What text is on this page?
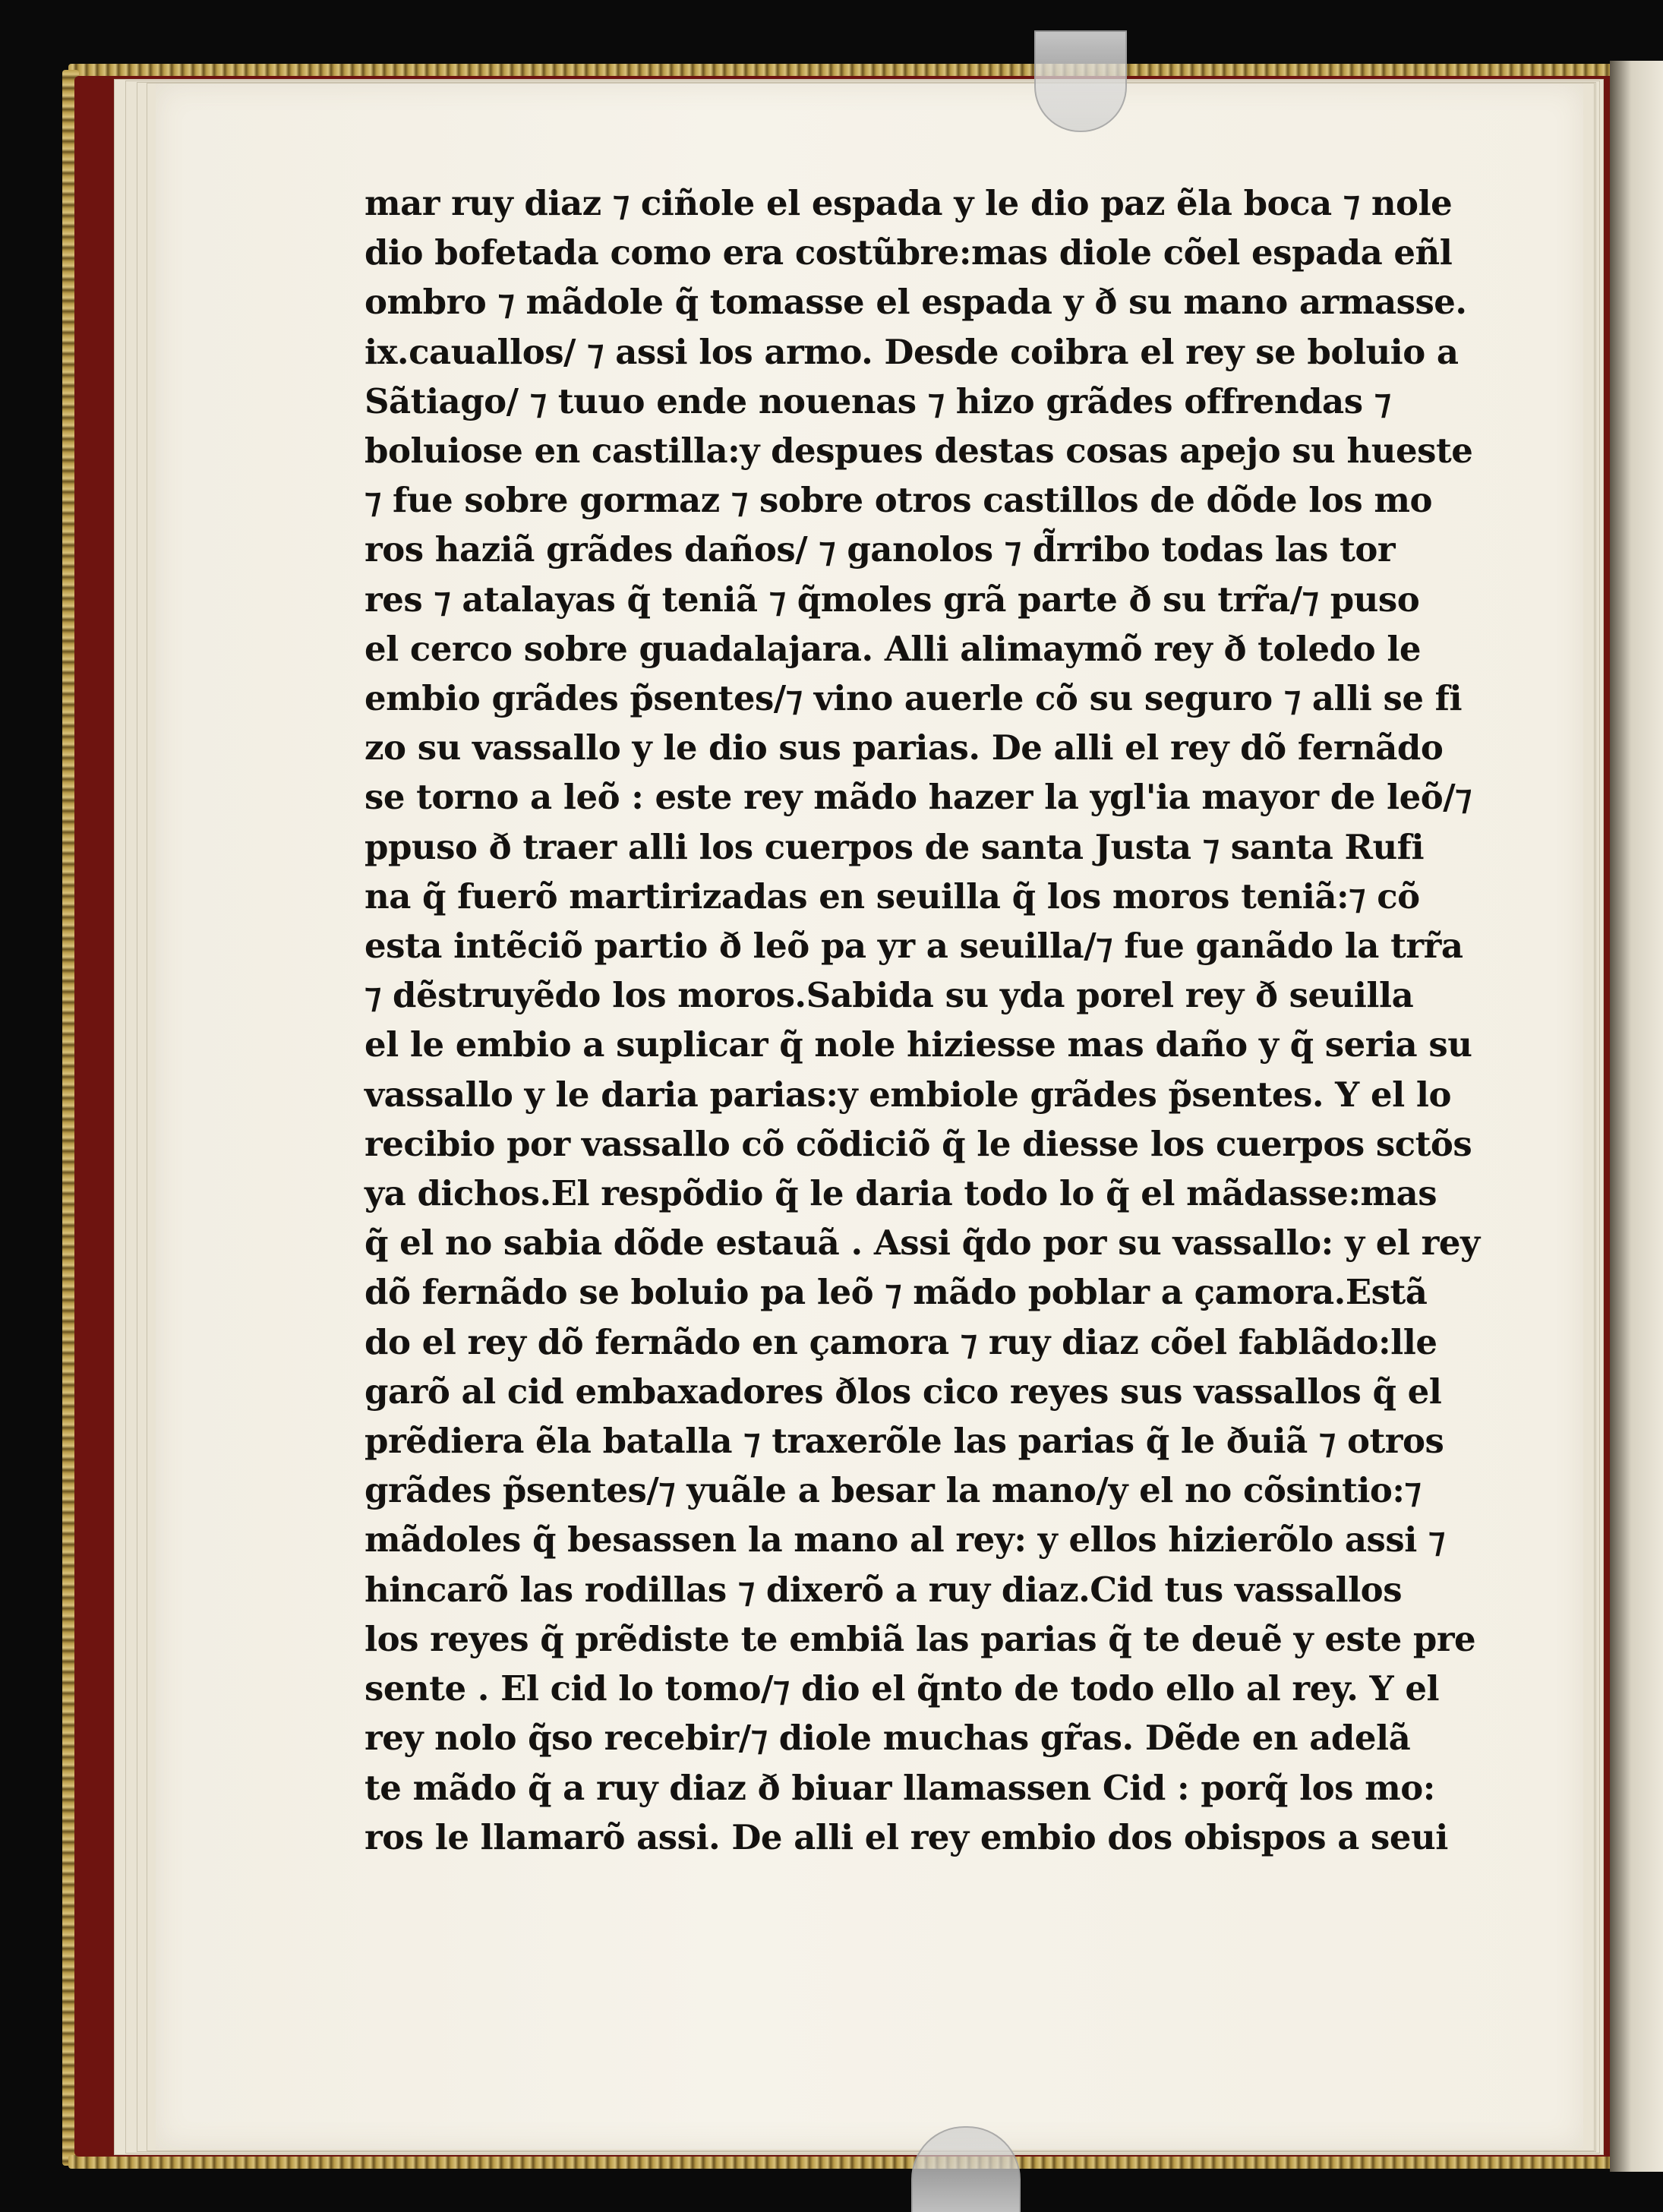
mar ruy diaz ⁊ ciñole el espada y le dio paz ẽla boca ⁊ nole
dio bofetada como era costũbre:mas diole cõel espada eñl
ombro ⁊ mãdole q̃ tomasse el espada y ð su mano armasse.
ix.cauallos/ ⁊ assi los armo. Desde coibra el rey se boluio a
Sãtiago/ ⁊ tuuo ende nouenas ⁊ hizo grãdes offrendas ⁊
boluiose en castilla:y despues destas cosas apejo su hueste
⁊ fue sobre gormaz ⁊ sobre otros castillos de dõde los mo
ros haziã grãdes daños/ ⁊ ganolos ⁊ d̃rribo todas las tor
res ⁊ atalayas q̃ teniã ⁊ q̃moles grã parte ð su trr̃a/⁊ puso
el cerco sobre guadalajara. Alli alimaymõ rey ð toledo le
embio grãdes p̃sentes/⁊ vino auerle cõ su seguro ⁊ alli se fi
zo su vassallo y le dio sus parias. De alli el rey dõ fernãdo
se torno a leõ : este rey mãdo hazer la ygl'ia mayor de leõ/⁊
ppuso ð traer alli los cuerpos de santa Justa ⁊ santa Rufi
na q̃ fuerõ martirizadas en seuilla q̃ los moros teniã:⁊ cõ
esta intẽciõ partio ð leõ pa yr a seuilla/⁊ fue ganãdo la trr̃a
⁊ dẽstruyẽdo los moros.Sabida su yda porel rey ð seuilla
el le embio a suplicar q̃ nole hiziesse mas daño y q̃ seria su
vassallo y le daria parias:y embiole grãdes p̃sentes. Y el lo
recibio por vassallo cõ cõdiciõ q̃ le diesse los cuerpos sctõs
ya dichos.El respõdio q̃ le daria todo lo q̃ el mãdasse:mas
q̃ el no sabia dõde estauã . Assi q̃do por su vassallo: y el rey
dõ fernãdo se boluio pa leõ ⁊ mãdo poblar a çamora.Estã
do el rey dõ fernãdo en çamora ⁊ ruy diaz cõel fablãdo:lle
garõ al cid embaxadores ðlos cico reyes sus vassallos q̃ el
prẽdiera ẽla batalla ⁊ traxerõle las parias q̃ le ðuiã ⁊ otros
grãdes p̃sentes/⁊ yuãle a besar la mano/y el no cõsintio:⁊
mãdoles q̃ besassen la mano al rey: y ellos hizierõlo assi ⁊
hincarõ las rodillas ⁊ dixerõ a ruy diaz.Cid tus vassallos
los reyes q̃ prẽdiste te embiã las parias q̃ te deuẽ y este pre
sente . El cid lo tomo/⁊ dio el q̃nto de todo ello al rey. Y el
rey nolo q̃so recebir/⁊ diole muchas gr̃as. Dẽde en adelã
te mãdo q̃ a ruy diaz ð biuar llamassen Cid : porq̃ los mo:
ros le llamarõ assi. De alli el rey embio dos obispos a seui
